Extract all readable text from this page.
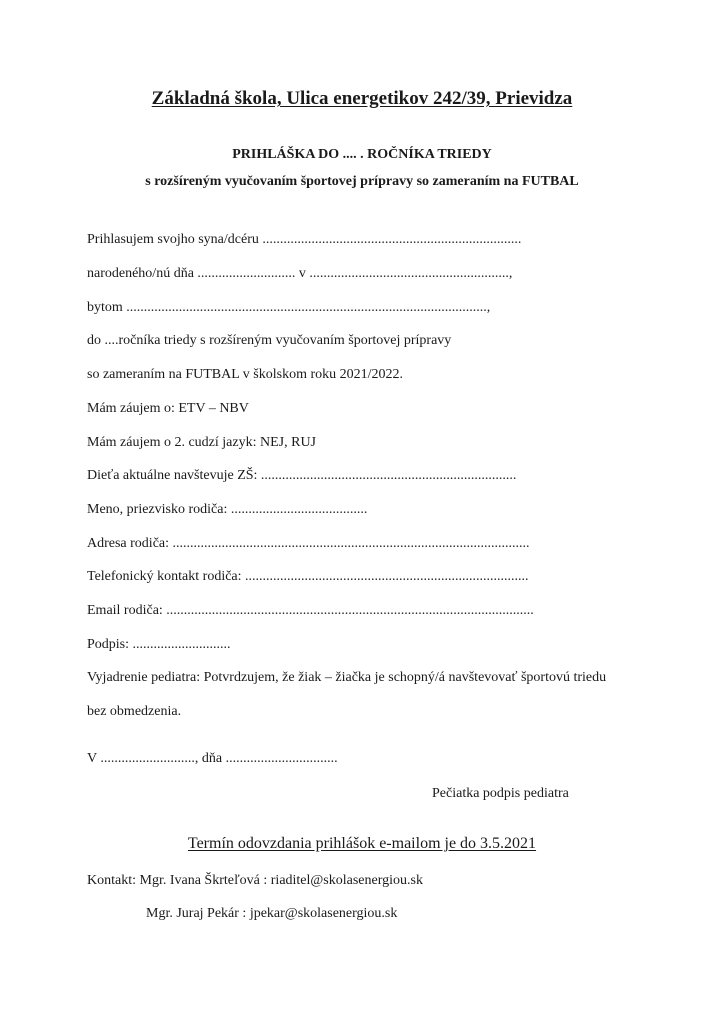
Základná škola, Ulica energetikov 242/39, Prievidza
PRIHLÁŠKA DO .... . ROČNÍKA TRIEDY
s rozšíreným vyučovaním športovej prípravy so zameraním na FUTBAL
Prihlasujem svojho syna/dcéru ..........................................................................
narodeného/nú dňa ............................ v .........................................................,
bytom .......................................................................................................,
do ....ročníka triedy s rozšíreným vyučovaním športovej prípravy
so zameraním na FUTBAL v školskom roku 2021/2022.
Mám záujem o: ETV – NBV
Mám záujem o 2. cudzí jazyk: NEJ, RUJ
Dieťa aktuálne navštevuje ZŠ: .........................................................................
Meno, priezvisko rodiča: .......................................
Adresa rodiča: ......................................................................................................
Telefonický kontakt rodiča: .................................................................................
Email rodiča: .........................................................................................................
Podpis: ............................
Vyjadrenie pediatra: Potvrdzujem, že žiak – žiačka je schopný/á navštevovať športovú triedu
bez obmedzenia.
V ..........................., dňa ................................
Pečiatka podpis pediatra
Termín odovzdania prihlášok e-mailom je do 3.5.2021
Kontakt: Mgr. Ivana Škrteľová : riaditel@skolasenergiou.sk
Mgr. Juraj Pekár : jpekar@skolasenergiou.sk
